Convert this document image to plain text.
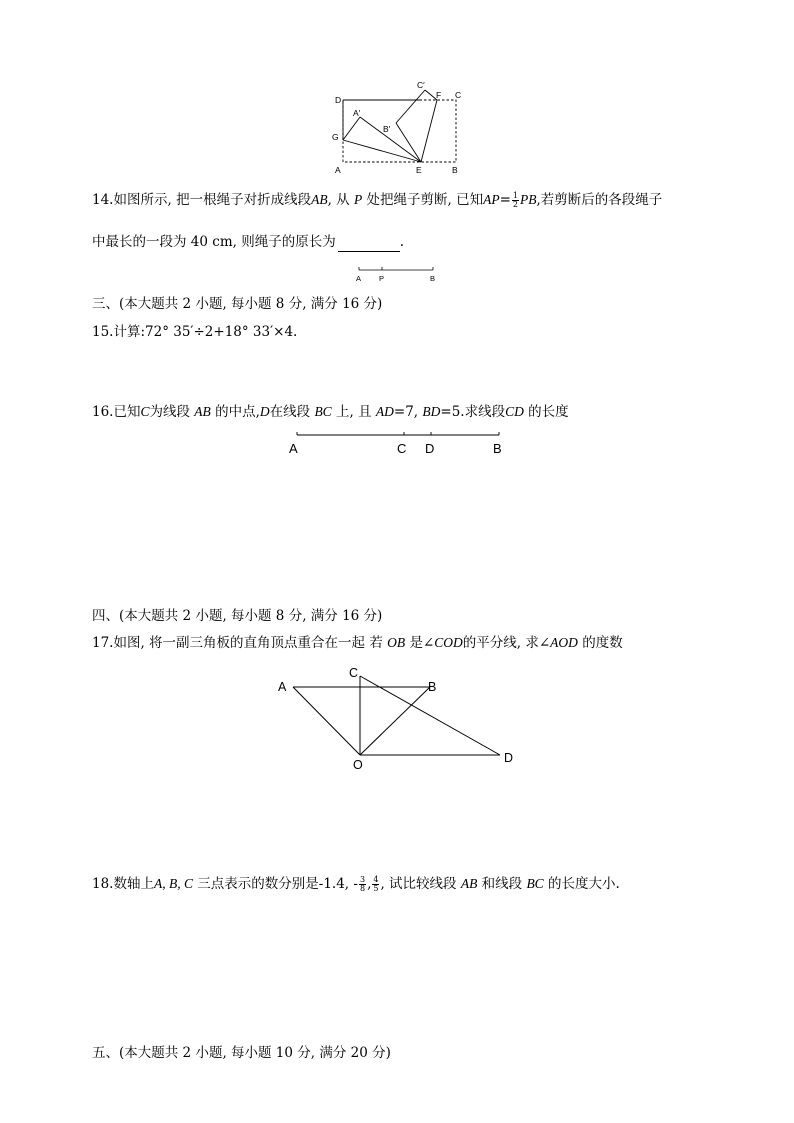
D
C′
F C
A′
B′
G
A	E	B
14.如图所示, 把一根绳子对折成线段AB, 从 P 处把绳子剪断, 已知$AP= \frac{1}{2}$ PB,若剪断后的各段绳子
中最长的一段为 40 cm, 则绳子的原长为	.
A P	B
三、(本大题共 2 小题, 每小题 8 分, 满分 16 分)
15.计算:72° 35′÷2+18° 33′×4.
16.已知C为线段 AB 的中点,D在线段 BC 上, 且 AD=7, BD=5.求线段CD 的长度
A	C D	B
四、(本大题共 2 小题, 每小题 8 分, 满分 16 分)
17.如图, 将一副三角板的直角顶点重合在一起 若 OB 是∠COD的平分线, 求∠AOD 的度数
A
C
B
O	D
18.数轴上A, B, C 三点表示的数分别是-1.4, - $\frac{3}{8}$ , $\frac{4}{5}$ , 试比较线段 AB 和线段 BC 的长度大小.
五、(本大题共 2 小题, 每小题 10 分, 满分 20 分)
